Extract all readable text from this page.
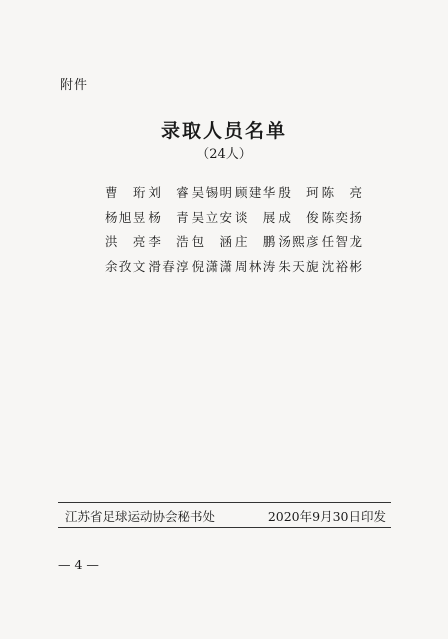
附件
录取人员名单
（24人）
曹 珩 刘 睿 吴 锡 明 顾 建 华 殷 珂 陈 亮
杨 旭 昱 杨 青 吴 立 安 谈 展 成 俊 陈 奕 扬
洪 亮 李 浩 包 涵 庄 鹏 汤 熙 彦 任 智 龙
余 孜 文 滑 春 淳 倪 潇 潇 周 林 涛 朱 天 旎 沈 裕 彬
江苏省足球运动协会秘书处	2020年9月30日印发
— 4 —
